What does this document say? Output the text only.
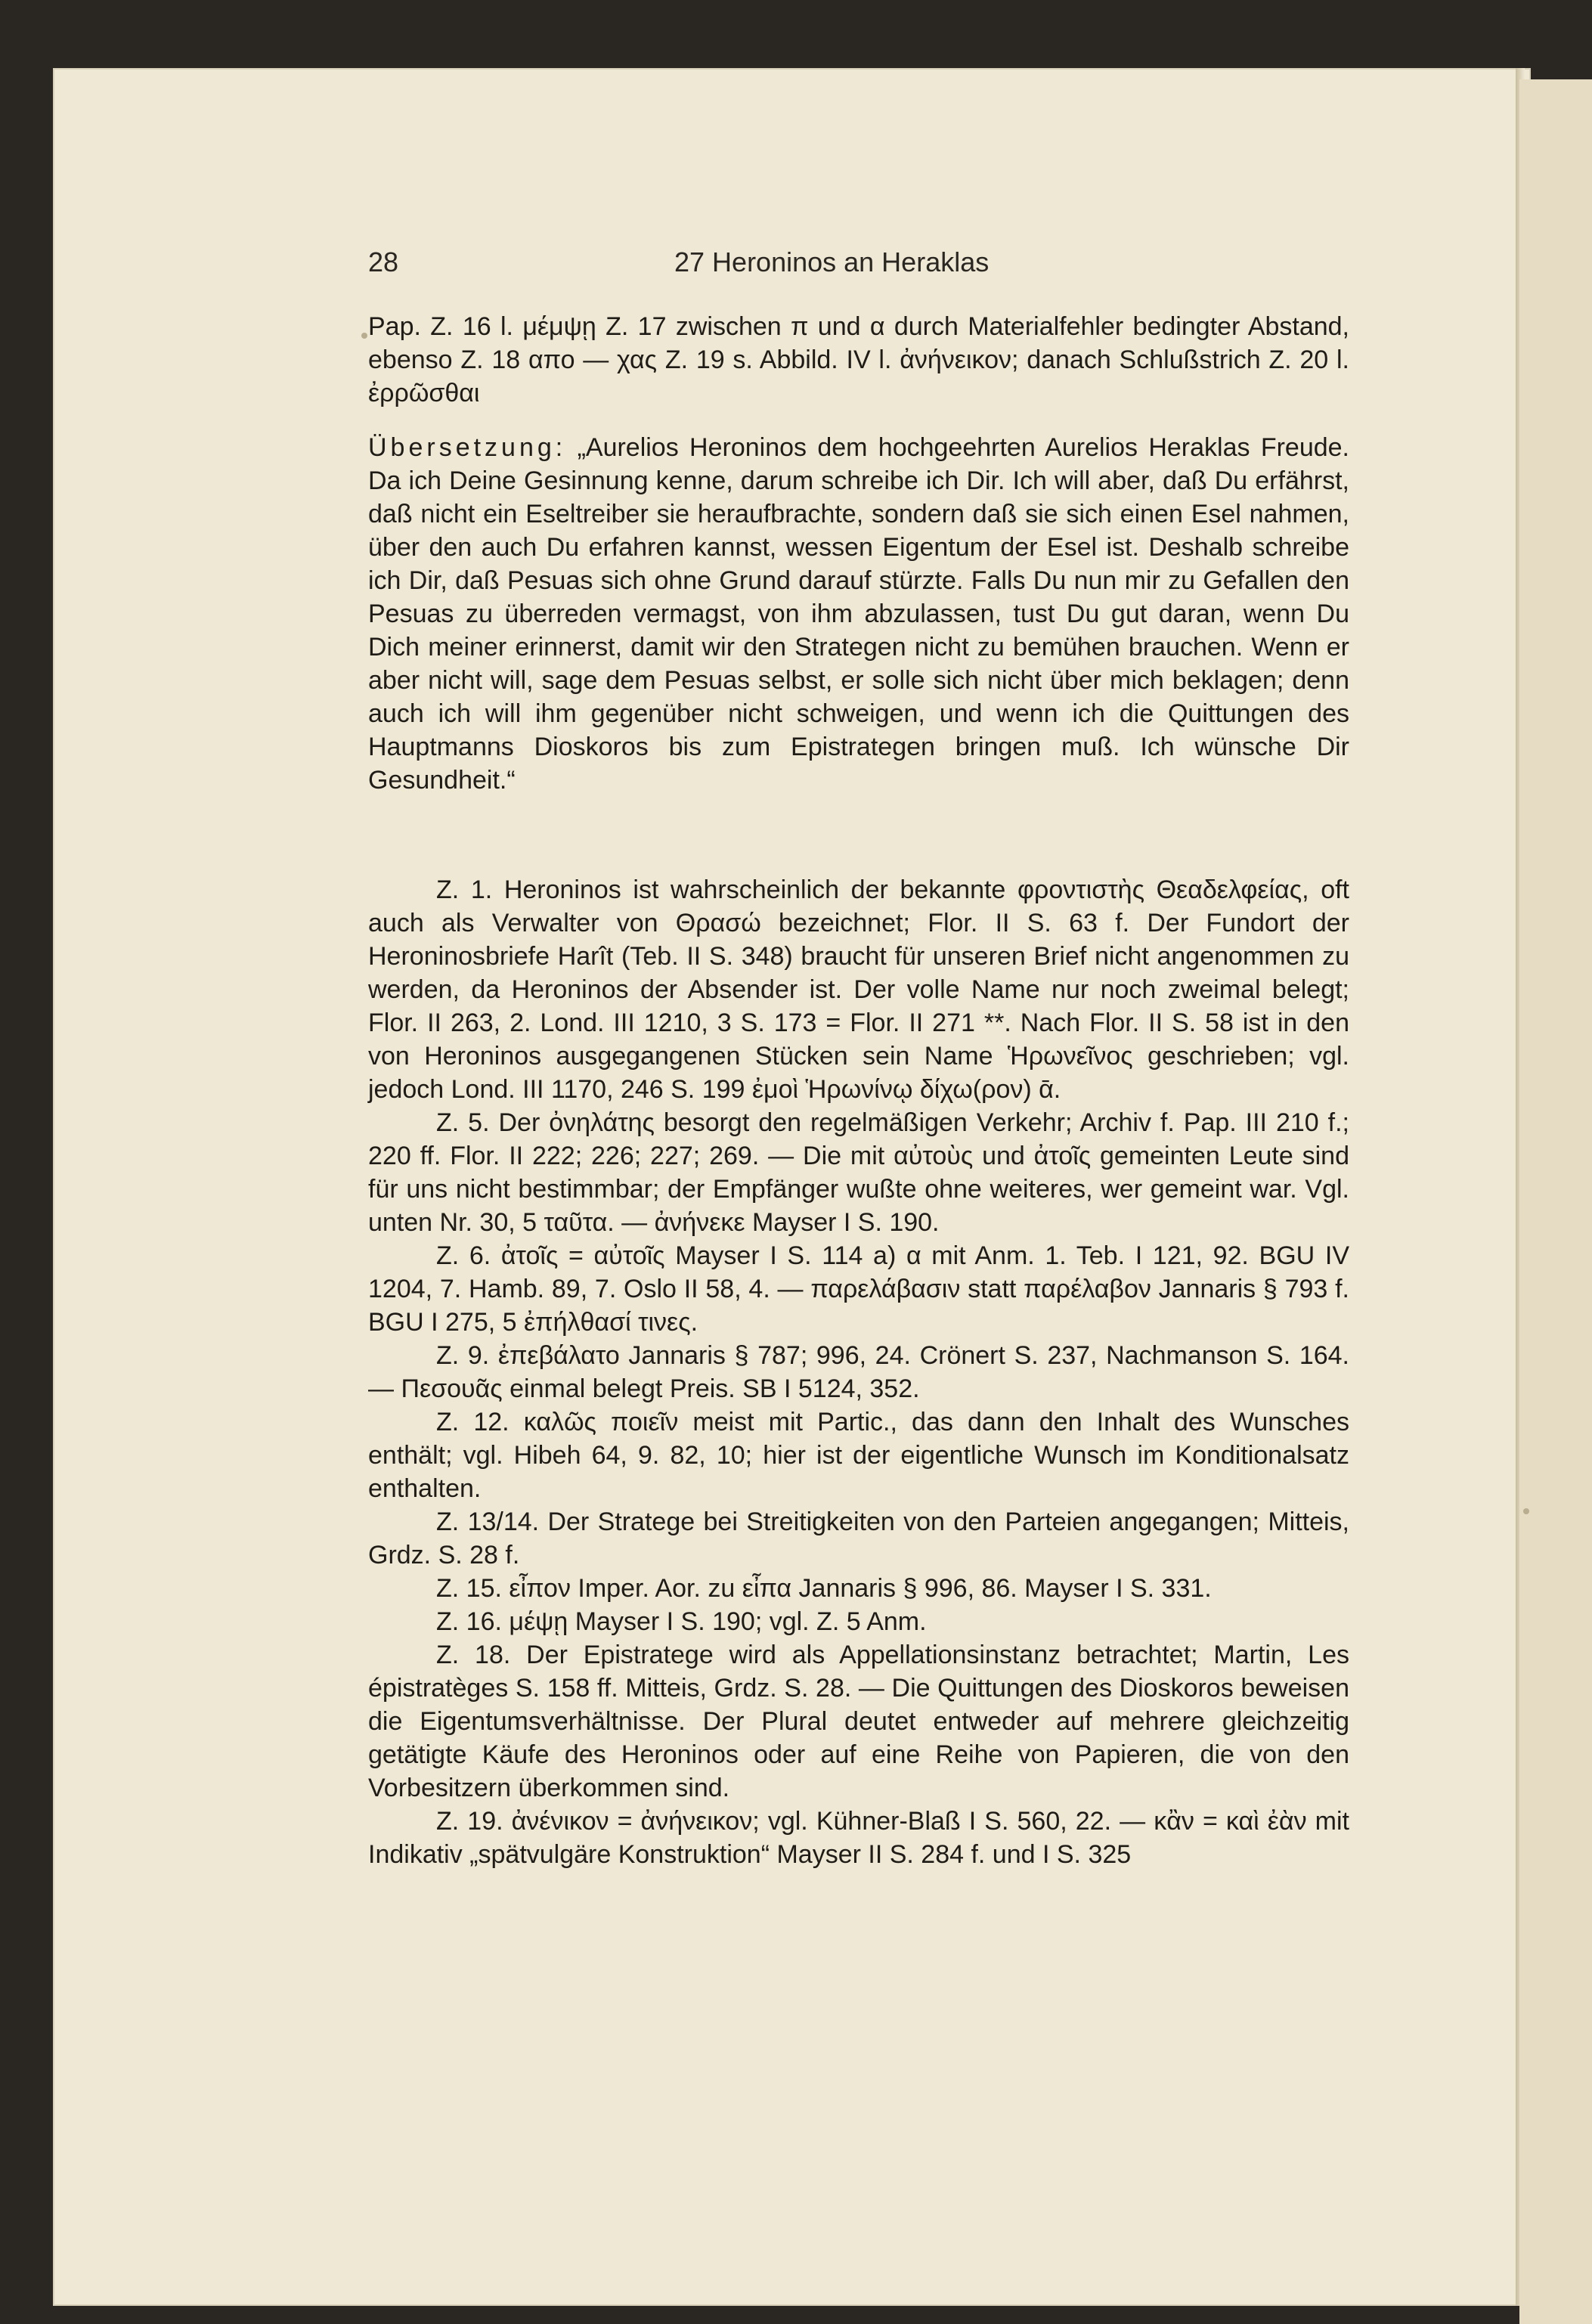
28	27 Heroninos an Heraklas

Pap. Z. 16 l. μέμψῃ Z. 17 zwischen π und α durch Materialfehler bedingter Abstand, ebenso Z. 18 απο — χας Z. 19 s. Abbild. IV l. ἀνήνεικον; danach Schlußstrich Z. 20 l. ἐρρῶσθαι

Übersetzung: „Aurelios Heroninos dem hochgeehrten Aurelios Heraklas Freude. Da ich Deine Gesinnung kenne, darum schreibe ich Dir. Ich will aber, daß Du erfährst, daß nicht ein Eseltreiber sie heraufbrachte, sondern daß sie sich einen Esel nahmen, über den auch Du erfahren kannst, wessen Eigentum der Esel ist. Deshalb schreibe ich Dir, daß Pesuas sich ohne Grund darauf stürzte. Falls Du nun mir zu Gefallen den Pesuas zu überreden vermagst, von ihm abzulassen, tust Du gut daran, wenn Du Dich meiner erinnerst, damit wir den Strategen nicht zu bemühen brauchen. Wenn er aber nicht will, sage dem Pesuas selbst, er solle sich nicht über mich beklagen; denn auch ich will ihm gegenüber nicht schweigen, und wenn ich die Quittungen des Hauptmanns Dioskoros bis zum Epistrategen bringen muß. Ich wünsche Dir Gesundheit.“

Z. 1. Heroninos ist wahrscheinlich der bekannte φροντιστὴς Θεαδελφείας, oft auch als Verwalter von Θρασώ bezeichnet; Flor. II S. 63 f. Der Fundort der Heroninosbriefe Harît (Teb. II S. 348) braucht für unseren Brief nicht angenommen zu werden, da Heroninos der Absender ist. Der volle Name nur noch zweimal belegt; Flor. II 263, 2. Lond. III 1210, 3 S. 173 = Flor. II 271 **. Nach Flor. II S. 58 ist in den von Heroninos ausgegangenen Stücken sein Name Ἡρωνεῖνος geschrieben; vgl. jedoch Lond. III 1170, 246 S. 199 ἐμοὶ Ἡρωνίνῳ δίχω(ρον) ᾱ.

Z. 5. Der ὀνηλάτης besorgt den regelmäßigen Verkehr; Archiv f. Pap. III 210 f.; 220 ff. Flor. II 222; 226; 227; 269. — Die mit αὐτοὺς und ἀτοῖς gemeinten Leute sind für uns nicht bestimmbar; der Empfänger wußte ohne weiteres, wer gemeint war. Vgl. unten Nr. 30, 5 ταῦτα. — ἀνήνεκε Mayser I S. 190.

Z. 6. ἀτοῖς = αὐτοῖς Mayser I S. 114 a) α mit Anm. 1. Teb. I 121, 92. BGU IV 1204, 7. Hamb. 89, 7. Oslo II 58, 4. — παρελάβασιν statt παρέλαβον Jannaris § 793 f. BGU I 275, 5 ἐπήλθασί τινες.

Z. 9. ἐπεβάλατο Jannaris § 787; 996, 24. Crönert S. 237, Nachmanson S. 164. — Πεσουᾶς einmal belegt Preis. SB I 5124, 352.

Z. 12. καλῶς ποιεῖν meist mit Partic., das dann den Inhalt des Wunsches enthält; vgl. Hibeh 64, 9. 82, 10; hier ist der eigentliche Wunsch im Konditionalsatz enthalten.

Z. 13/14. Der Stratege bei Streitigkeiten von den Parteien angegangen; Mitteis, Grdz. S. 28 f.

Z. 15. εἶπον Imper. Aor. zu εἶπα Jannaris § 996, 86. Mayser I S. 331.

Z. 16. μέψῃ Mayser I S. 190; vgl. Z. 5 Anm.

Z. 18. Der Epistratege wird als Appellationsinstanz betrachtet; Martin, Les épistratèges S. 158 ff. Mitteis, Grdz. S. 28. — Die Quittungen des Dioskoros beweisen die Eigentumsverhältnisse. Der Plural deutet entweder auf mehrere gleichzeitig getätigte Käufe des Heroninos oder auf eine Reihe von Papieren, die von den Vorbesitzern überkommen sind.

Z. 19. ἀνένικον = ἀνήνεικον; vgl. Kühner-Blaß I S. 560, 22. — κἂν = καὶ ἐὰν mit Indikativ „spätvulgäre Konstruktion“ Mayser II S. 284 f. und I S. 325
